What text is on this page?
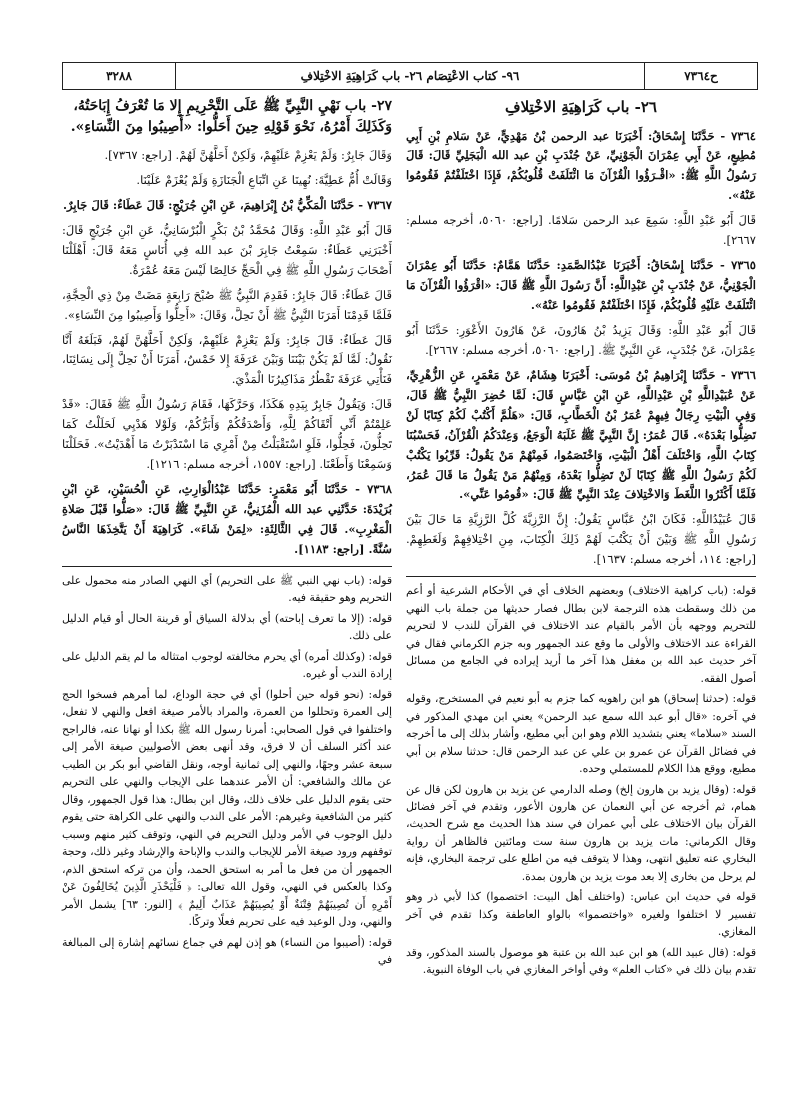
ح٧٣٦٤
٩٦- كتاب الاعْتِصَام ٢٦- باب كَرَاهِيَةِ الاخْتِلافِ
٣٢٨٨
٢٦- باب كَرَاهِيَةِ الاخْتِلافِ

٧٣٦٤ - حَدَّثَنَا إِسْحَاقُ: أَخْبَرَنَا عبد الرحمن بْنُ مَهْدِيٍّ، عَنْ سَلامِ بْنِ أَبِي مُطِيعٍ، عَنْ أَبِي عِمْرَانَ الْجَوْنِيِّ، عَنْ جُنْدَبِ بْنِ عبد الله الْبَجَلِيِّ قَالَ: قَالَ رَسُولُ اللَّهِ ﷺ: «اقْـرَؤُوا الْقُرْآنَ مَا ائْتَلَفَتْ قُلُوبُكُمْ، فَإِذَا اخْتَلَفْتُمْ فَقُومُوا عَنْهُ».

قَالَ أَبُو عَبْدِ اللَّهِ: سَمِعَ عبد الرحمن سَلامًا. [راجع: ٥٠٦٠، أخرجه مسلم: ٢٦٦٧].

٧٣٦٥ - حَدَّثَنَا إِسْحَاقُ: أَخْبَرَنَا عَبْدُالصَّمَدِ: حَدَّثَنَا هَمَّامٌ: حَدَّثَنَا أَبُو عِمْرَانَ الْجَوْنِيُّ، عَنْ جُنْدَبِ بْنِ عَبْدِاللَّهِ: أَنَّ رَسُولَ اللَّهِ ﷺ قَالَ: «اقْرَؤُوا الْقُرْآنَ مَا ائْتَلَفَتْ عَلَيْهِ قُلُوبُكُمْ، فَإِذَا اخْتَلَفْتُمْ فَقُومُوا عَنْهُ».

قَالَ أَبُو عَبْدِ اللَّهِ: وَقَالَ يَزِيدُ بْنُ هَارُونَ، عَنْ هَارُونَ الأَعْوَرِ: حَدَّثَنَا أَبُو عِمْرَانَ، عَنْ جُنْدَبٍ، عَنِ النَّبِيِّ ﷺ. [راجع: ٥٠٦٠، أخرجه مسلم: ٢٦٦٧].

٧٣٦٦ - حَدَّثَنَا إِبْرَاهِيمُ بْنُ مُوسَى: أَخْبَرَنَا هِشَامٌ، عَنْ مَعْمَرٍ، عَنِ الزُّهْرِيِّ، عَنْ عُبَيْدِاللَّهِ بْنِ عَبْدِاللَّهِ، عَنِ ابْنِ عَبَّاسٍ قَالَ: لَمَّا حُضِرَ النَّبِيُّ ﷺ قَالَ، وَفِي الْبَيْتِ رِجَالٌ فِيهِمْ عُمَرُ بْنُ الْخَطَّابِ، قَالَ: «هَلُمَّ أَكْتُبْ لَكُمْ كِتَابًا لَنْ تَضِلُّوا بَعْدَهُ». قَالَ عُمَرُ: إِنَّ النَّبِيَّ ﷺ غَلَبَهُ الْوَجَعُ، وَعِنْدَكُمُ الْقُرْآنُ، فَحَسْبُنَا كِتَابُ اللَّهِ، وَاخْتَلَفَ أَهْلُ الْبَيْتِ، وَاخْتَصَمُوا، فَمِنْهُمْ مَنْ يَقُولُ: قَرِّبُوا يَكْتُبْ لَكُمْ رَسُولُ اللَّهِ ﷺ كِتَابًا لَنْ تَضِلُّوا بَعْدَهُ، وَمِنْهُمْ مَنْ يَقُولُ مَا قَالَ عُمَرُ، فَلَمَّا أَكْثَرُوا اللَّغَطَ وَالاخْتِلافَ عِنْدَ النَّبِيِّ ﷺ قَالَ: «قُومُوا عَنِّي».

قَالَ عُبَيْدُاللَّهِ: فَكَانَ ابْنُ عَبَّاسٍ يَقُولُ: إِنَّ الرَّزِيَّةَ كُلَّ الرَّزِيَّةِ مَا حَالَ بَيْنَ رَسُولِ اللَّهِ ﷺ وَبَيْنَ أَنْ يَكْتُبَ لَهُمْ ذَلِكَ الْكِتَابَ، مِنِ اخْتِلافِهِمْ وَلَغَطِهِمْ. [راجع: ١١٤، أخرجه مسلم: ١٦٣٧].

قوله: (باب كراهية الاختلاف) وبعضهم الخلاف أي في الأحكام الشرعية أو أعم من ذلك وسقطت هذه الترجمة لابن بطال فصار حديثها من جملة باب النهي للتحريم ووجهه بأن الأمر بالقيام عند الاختلاف في القرآن للندب لا لتحريم القراءة عند الاختلاف والأولى ما وقع عند الجمهور وبه جزم الكرماني فقال في آخر حديث عبد الله بن مغفل هذا آخر ما أريد إيراده في الجامع من مسائل أصول الفقه.

قوله: (حدثنا إسحاق) هو ابن راهويه كما جزم به أبو نعيم في المستخرج، وقوله في آخره: «قال أبو عبد الله سمع عبد الرحمن» يعني ابن مهدي المذكور في السند «سلاما» يعني بتشديد اللام وهو ابن أبي مطيع، وأشار بذلك إلى ما أخرجه في فضائل القرآن عن عمرو بن علي عن عبد الرحمن قال: حدثنا سلام بن أبي مطيع، ووقع هذا الكلام للمستملي وحده.

قوله: (وقال يزيد بن هارون إلخ) وصله الدارمي عن يزيد بن هارون لكن قال عن همام، ثم أخرجه عن أبي النعمان عن هارون الأعور، وتقدم في آخر فضائل القرآن بيان الاختلاف على أبي عمران في سند هذا الحديث مع شرح الحديث، وقال الكرماني: مات يزيد بن هارون سنة ست ومائتين فالظاهر أن رواية البخاري عنه تعليق انتهى، وهذا لا يتوقف فيه من اطلع على ترجمة البخاري، فإنه لم يرحل من بخارى إلا بعد موت يزيد بن هارون بمدة.

قوله في حديث ابن عباس: (واختلف أهل البيت: اختصموا) كذا لأبي ذر وهو تفسير لا اختلفوا ولغيره «واختصموا» بالواو العاطفة وكذا تقدم في آخر المغازي.

قوله: (قال عبيد الله) هو ابن عبد الله بن عتبة هو موصول بالسند المذكور، وقد تقدم بيان ذلك في «كتاب العلم» وفي أواخر المغازي في باب الوفاة النبوية.

٢٧- باب نَهْيِ النَّبِيِّ ﷺ عَلَى التَّحْرِيمِ إِلا مَا تُعْرَفُ إِبَاحَتُهُ، وَكَذَلِكَ أَمْرُهُ، نَحْوَ قَوْلِهِ حِينَ أَحَلُّوا: «أَصِيبُوا مِنَ النِّسَاءِ».

وَقَالَ جَابِرٌ: وَلَمْ يَعْزِمْ عَلَيْهِمْ، وَلَكِنْ أَحَلَّهُنَّ لَهُمْ. [راجع: ٧٣٦٧].

وَقَالَتْ أُمُّ عَطِيَّةَ: نُهِينَا عَنِ اتِّبَاعِ الْجَنَازَةِ وَلَمْ يُعْزَمْ عَلَيْنَا.

٧٣٦٧ - حَدَّثَنَا الْمَكِّيُّ بْنُ إِبْرَاهِيمَ، عَنِ ابْنِ جُرَيْجٍ: قَالَ عَطَاءٌ: قَالَ جَابِرٌ.

قَالَ أَبُو عَبْدِ اللَّهِ: وَقَالَ مُحَمَّدُ بْنُ بَكْرٍ الْبُرْسَانِيُّ، عَنِ ابْنِ جُرَيْجٍ قَالَ: أَخْبَرَنِي عَطَاءٌ: سَمِعْتُ جَابِرَ بْنَ عبد الله فِي أُنَاسٍ مَعَهُ قَالَ: أَهْلَلْنَا أَصْحَابَ رَسُولِ اللَّهِ ﷺ فِي الْحَجِّ خَالِصًا لَيْسَ مَعَهُ عُمْرَةٌ.

قَالَ عَطَاءٌ: قَالَ جَابِرٌ: فَقَدِمَ النَّبِيُّ ﷺ صُبْحَ رَابِعَةٍ مَضَتْ مِنْ ذِي الْحِجَّةِ، فَلَمَّا قَدِمْنَا أَمَرَنَا النَّبِيُّ ﷺ أَنْ نَحِلَّ، وَقَالَ: «أَحِلُّوا وَأَصِيبُوا مِنَ النِّسَاءِ».

قَالَ عَطَاءٌ: قَالَ جَابِرٌ: وَلَمْ يَعْزِمْ عَلَيْهِمْ، وَلَكِنْ أَحَلَّهُنَّ لَهُمْ، فَبَلَغَهُ أَنَّا نَقُولُ: لَمَّا لَمْ يَكُنْ بَيْنَنَا وَبَيْنَ عَرَفَةَ إِلا خَمْسٌ، أَمَرَنَا أَنْ نَحِلَّ إِلَى نِسَائِنَا، فَنَأْتِي عَرَفَةَ تَقْطُرُ مَذَاكِيرُنَا الْمَذْيَ.

قَالَ: وَيَقُولُ جَابِرٌ بِيَدِهِ هَكَذَا، وَحَرَّكَهَا، فَقَامَ رَسُولُ اللَّهِ ﷺ فَقَالَ: «قَدْ عَلِمْتُمْ أَنِّي أَتْقَاكُمْ لِلَّهِ، وَأَصْدَقُكُمْ وَأَبَرُّكُمْ، وَلَوْلا هَدْيِي لَحَلَلْتُ كَمَا تَحِلُّونَ، فَحِلُّوا، فَلَوِ اسْتَقْبَلْتُ مِنْ أَمْرِي مَا اسْتَدْبَرْتُ مَا أَهْدَيْتُ». فَحَلَلْنَا وَسَمِعْنَا وَأَطَعْنَا. [راجع: ١٥٥٧، أخرجه مسلم: ١٢١٦].

٧٣٦٨ - حَدَّثَنَا أَبُو مَعْمَرٍ: حَدَّثَنَا عَبْدُالْوَارِثِ، عَنِ الْحُسَيْنِ، عَنِ ابْنِ بُرَيْدَةَ: حَدَّثَنِي عبد الله الْمُزَنِيُّ، عَنِ النَّبِيِّ ﷺ قَالَ: «صَلُّوا قَبْلَ صَلاةِ الْمَغْرِبِ». قَالَ فِي الثَّالِثَةِ: «لِمَنْ شَاءَ». كَرَاهِيَةَ أَنْ يَتَّخِذَهَا النَّاسُ سُنَّةً. [راجع: ١١٨٣].

قوله: (باب نهي النبي ﷺ على التحريم) أي النهي الصادر منه محمول على التحريم وهو حقيقة فيه.

قوله: (إلا ما تعرف إباحته) أي بدلالة السياق أو قرينة الحال أو قيام الدليل على ذلك.

قوله: (وكذلك أمره) أي يحرم مخالفته لوجوب امتثاله ما لم يقم الدليل على إرادة الندب أو غيره.

قوله: (نحو قوله حين أحلوا) أي في حجة الوداع، لما أمرهم فسخوا الحج إلى العمرة وتحللوا من العمرة، والمراد بالأمر صيغة افعل والنهي لا تفعل، واختلفوا في قول الصحابي: أمرنا رسول الله ﷺ بكذا أو نهانا عنه، فالراجح عند أكثر السلف أن لا فرق، وقد أنهى بعض الأصوليين صيغة الأمر إلى سبعة عشر وجهًا، والنهي إلى ثمانية أوجه، ونقل القاضي أبو بكر بن الطيب عن مالك والشافعي: أن الأمر عندهما على الإيجاب والنهي على التحريم حتى يقوم الدليل على خلاف ذلك، وقال ابن بطال: هذا قول الجمهور، وقال كثير من الشافعية وغيرهم: الأمر على الندب والنهي على الكراهة حتى يقوم دليل الوجوب في الأمر ودليل التحريم في النهي، وتوقف كثير منهم وسبب توقفهم ورود صيغة الأمر للإيجاب والندب والإباحة والإرشاد وغير ذلك، وحجة الجمهور أن من فعل ما أمر به استحق الحمد، وأن من تركه استحق الذم، وكذا بالعكس في النهي، وقول الله تعالى: ﴿ فَلْيَحْذَرِ الَّذِينَ يُخَالِفُونَ عَنْ أَمْرِهِ أَن تُصِيبَهُمْ فِتْنَةٌ أَوْ يُصِيبَهُمْ عَذَابٌ أَلِيمٌ ﴾ [النور: ٦٣] يشمل الأمر والنهي، ودل الوعيد فيه على تحريم فعلًا وتركًا.

قوله: (أصيبوا من النساء) هو إذن لهم في جماع نسائهم إشارة إلى المبالغة في
